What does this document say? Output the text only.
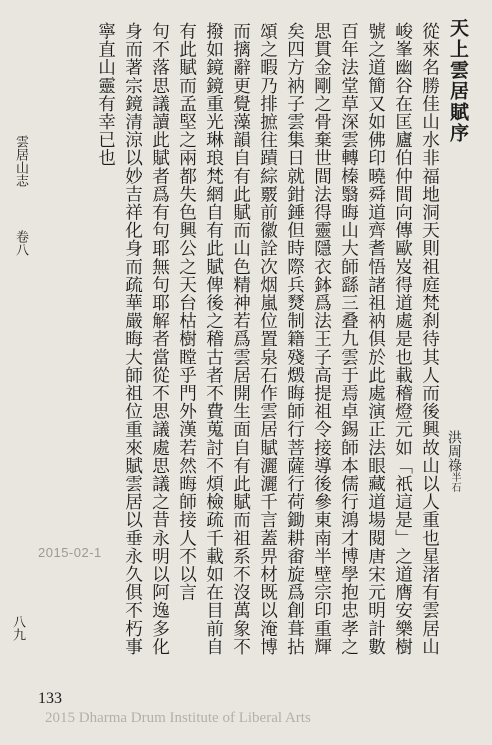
天上雲居賦序
洪周祿半石
從來名勝佳山水非福地洞天則祖庭梵刹待其人而後興故山以人重也星渚有雲居山
峻峯幽谷在匡廬伯仲間向傳歐岌得道處是也載稽燈元如「祇這是」之道膺安樂樹
號之道簡又如佛印曉舜道齊耆悟諸祖衲俱於此處演正法眼藏道場閱唐宋元明計數
百年法堂草深雲轉榛翳晦山大師繇三叠九雲于焉卓錫師本儒行鴻才博學抱忠孝之
思貫金剛之骨棄世間法得靈隱衣鉢爲法王子高提祖令接導後參東南半壁宗印重輝
矣四方衲子雲集日就鉗錘但時際兵燹制籍殘燬晦師行菩薩行荷鋤耕畬旋爲創葺拈
頌之暇乃排摭往蹟綜覈前徽詮次烟嵐位置泉石作雲居賦灑灑千言蓋畀材既以淹博
而摛辭更覺藻韻自有此賦而山色精神若爲雲居開生面自有此賦而祖系不沒萬象不
撥如鏡鏡重光琳琅梵網自有此賦俾後之稽古者不費蒐討不煩檢疏千載如在目前自
有此賦而孟堅之兩都失色興公之天台枯樹瞠乎門外漢若然晦師接人不以言
句不落思議讀此賦者爲有句耶無句耶解者當從不思議處思議之昔永明以阿逸多化
身而著宗鏡清涼以妙吉祥化身而疏華嚴晦大師祖位重來賦雲居以垂永久俱不朽事
寧直山靈有幸已也
雲居山志
卷八
八九
2015-02-1
133
2015 Dharma Drum Institute of Liberal Arts
